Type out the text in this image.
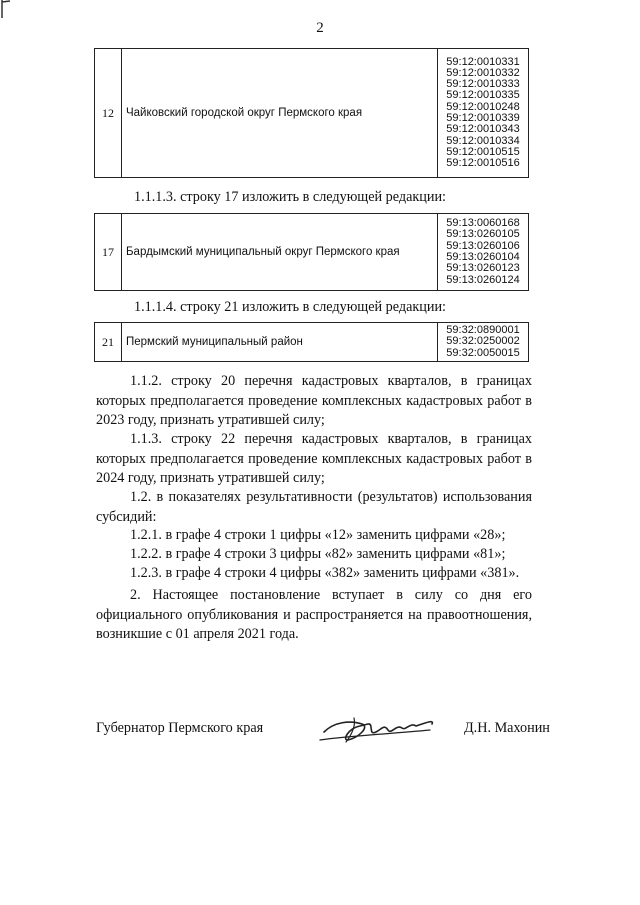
2
12	Чайковский городской округ Пермского края	
59:12:0010331
59:12:0010332
59:12:0010333
59:12:0010335
59:12:0010248
59:12:0010339
59:12:0010343
59:12:0010334
59:12:0010515
59:12:0010516
1.1.1.3. строку 17 изложить в следующей редакции:
17	Бардымский муниципальный округ Пермского края	
59:13:0060168
59:13:0260105
59:13:0260106
59:13:0260104
59:13:0260123
59:13:0260124
1.1.1.4. строку 21 изложить в следующей редакции:
21	Пермский муниципальный район	
59:32:0890001
59:32:0250002
59:32:0050015
1.1.2. строку 20 перечня кадастровых кварталов, в границах которых предполагается проведение комплексных кадастровых работ в 2023 году, признать утратившей силу;
1.1.3. строку 22 перечня кадастровых кварталов, в границах которых предполагается проведение комплексных кадастровых работ в 2024 году, признать утратившей силу;
1.2. в показателях результативности (результатов) использования субсидий:
1.2.1. в графе 4 строки 1 цифры «12» заменить цифрами «28»;
1.2.2. в графе 4 строки 3 цифры «82» заменить цифрами «81»;
1.2.3. в графе 4 строки 4 цифры «382» заменить цифрами «381».
2. Настоящее постановление вступает в силу со дня его официального опубликования и распространяется на правоотношения, возникшие с 01 апреля 2021 года.
Губернатор Пермского края	Д.Н. Махонин
